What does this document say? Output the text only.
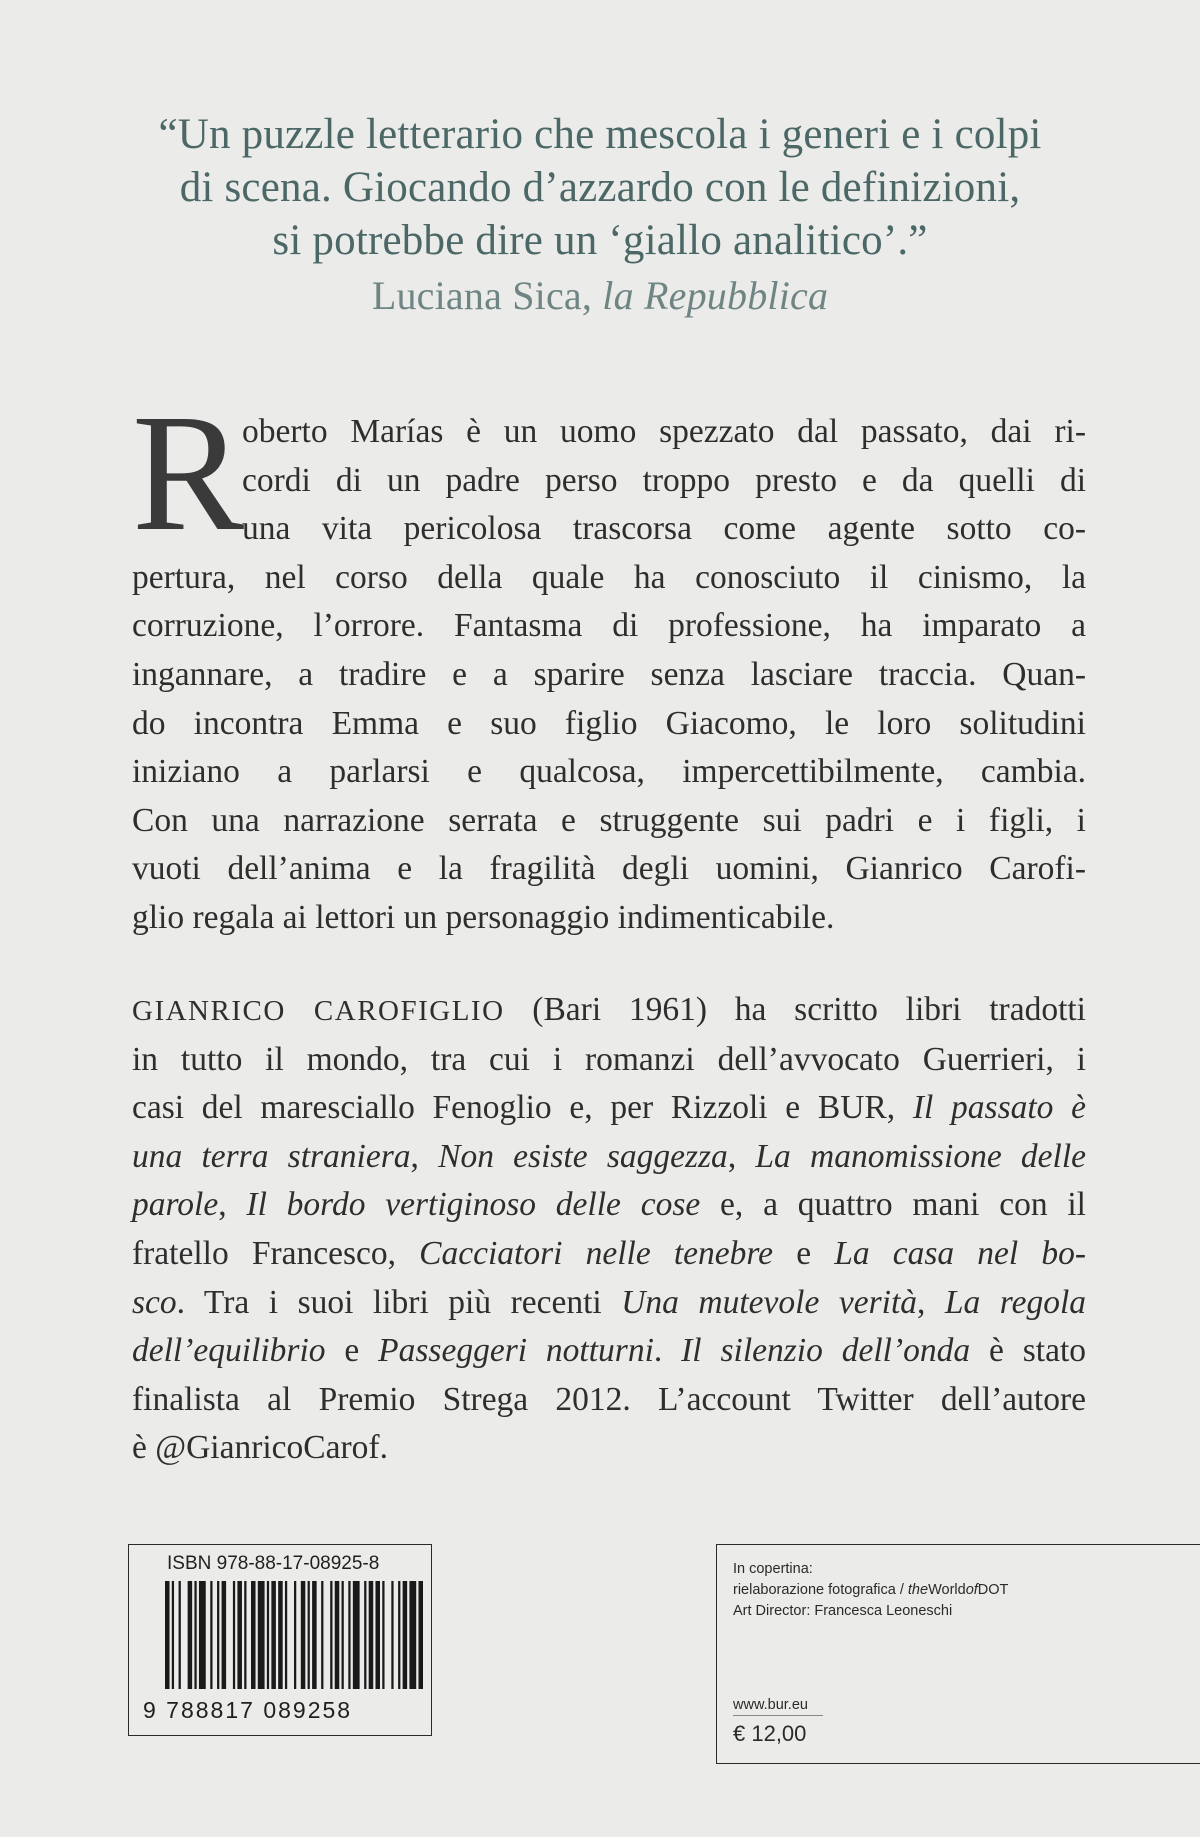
“Un puzzle letterario che mescola i generi e i colpi
di scena. Giocando d’azzardo con le definizioni,
si potrebbe dire un ‘giallo analitico’.”
Luciana Sica, la Repubblica
R
oberto Marías è un uomo spezzato dal passato, dai ri-
cordi di un padre perso troppo presto e da quelli di
una vita pericolosa trascorsa come agente sotto co-
pertura, nel corso della quale ha conosciuto il cinismo, la
corruzione, l’orrore. Fantasma di professione, ha imparato a
ingannare, a tradire e a sparire senza lasciare traccia. Quan-
do incontra Emma e suo figlio Giacomo, le loro solitudini
iniziano a parlarsi e qualcosa, impercettibilmente, cambia.
Con una narrazione serrata e struggente sui padri e i figli, i
vuoti dell’anima e la fragilità degli uomini, Gianrico Carofi-
glio regala ai lettori un personaggio indimenticabile.
GIANRICO CAROFIGLIO (Bari 1961) ha scritto libri tradotti
in tutto il mondo, tra cui i romanzi dell’avvocato Guerrieri, i
casi del maresciallo Fenoglio e, per Rizzoli e BUR, Il passato è
una terra straniera, Non esiste saggezza, La manomissione delle
parole, Il bordo vertiginoso delle cose e, a quattro mani con il
fratello Francesco, Cacciatori nelle tenebre e La casa nel bo-
sco. Tra i suoi libri più recenti Una mutevole verità, La regola
dell’equilibrio e Passeggeri notturni. Il silenzio dell’onda è stato
finalista al Premio Strega 2012. L’account Twitter dell’autore
è @GianricoCarof.
ISBN 978-88-17-08925-8
9 788817 089258
In copertina:
rielaborazione fotografica / theWorldofDOT
Art Director: Francesca Leoneschi
www.bur.eu
€ 12,00
